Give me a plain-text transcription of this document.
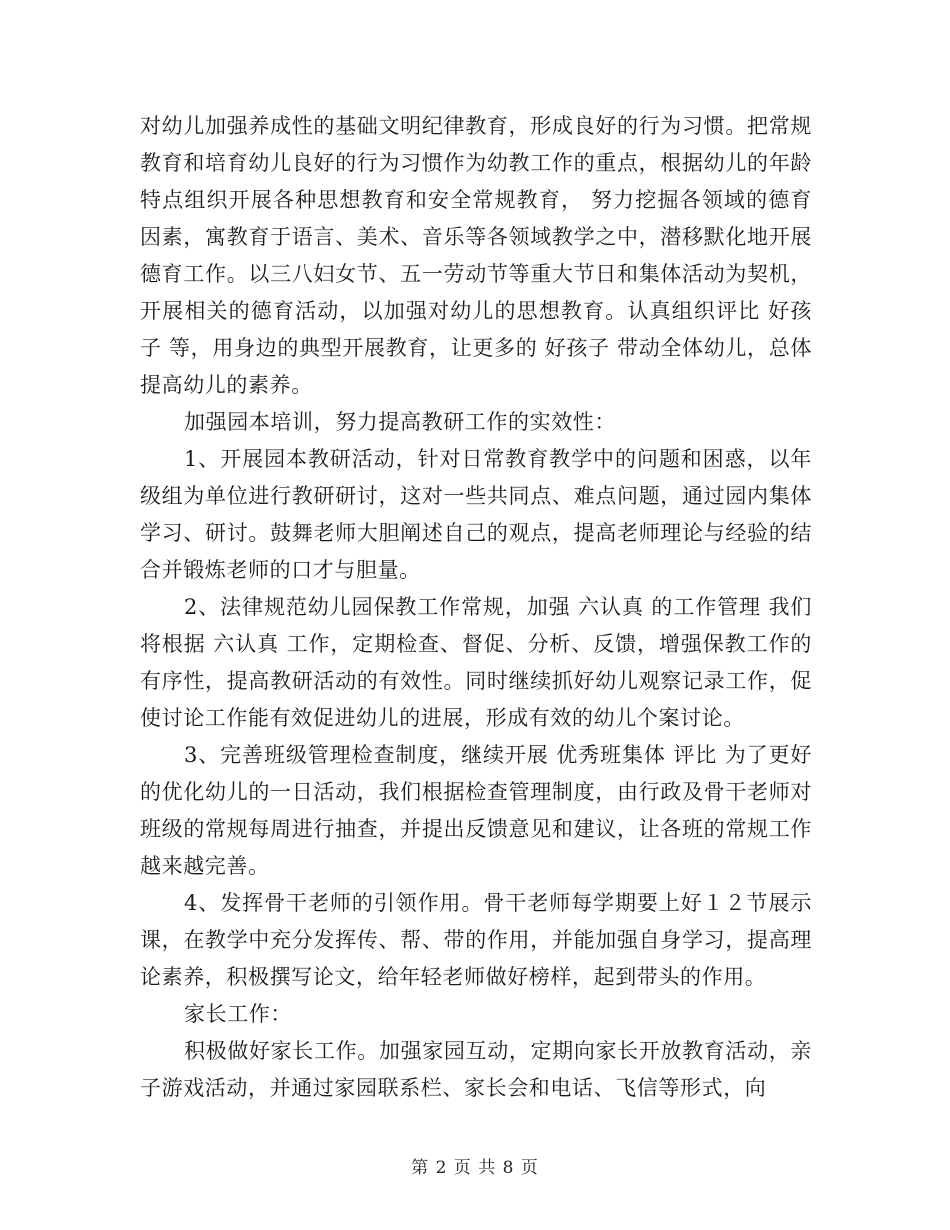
对幼儿加强养成性的基础文明纪律教育，形成良好的行为习惯。把常规教育和培育幼儿良好的行为习惯作为幼教工作的重点，根据幼儿的年龄特点组织开展各种思想教育和安全常规教育， 努力挖掘各领域的德育因素，寓教育于语言、美术、音乐等各领域教学之中，潜移默化地开展德育工作。以三八妇女节、五一劳动节等重大节日和集体活动为契机，开展相关的德育活动，以加强对幼儿的思想教育。认真组织评比 好孩子 等，用身边的典型开展教育，让更多的 好孩子 带动全体幼儿，总体提高幼儿的素养。

加强园本培训，努力提高教研工作的实效性：

1、开展园本教研活动，针对日常教育教学中的问题和困惑，以年级组为单位进行教研研讨，这对一些共同点、难点问题，通过园内集体学习、研讨。鼓舞老师大胆阐述自己的观点，提高老师理论与经验的结合并锻炼老师的口才与胆量。

2、法律规范幼儿园保教工作常规，加强 六认真 的工作管理 我们将根据 六认真 工作，定期检查、督促、分析、反馈，增强保教工作的有序性，提高教研活动的有效性。同时继续抓好幼儿观察记录工作，促使讨论工作能有效促进幼儿的进展，形成有效的幼儿个案讨论。

3、完善班级管理检查制度，继续开展 优秀班集体 评比 为了更好的优化幼儿的一日活动，我们根据检查管理制度，由行政及骨干老师对班级的常规每周进行抽查，并提出反馈意见和建议，让各班的常规工作越来越完善。

4、发挥骨干老师的引领作用。骨干老师每学期要上好１２节展示课，在教学中充分发挥传、帮、带的作用，并能加强自身学习，提高理论素养，积极撰写论文，给年轻老师做好榜样，起到带头的作用。

家长工作：

积极做好家长工作。加强家园互动，定期向家长开放教育活动，亲子游戏活动，并通过家园联系栏、家长会和电话、飞信等形式，向

第 2 页 共 8 页
